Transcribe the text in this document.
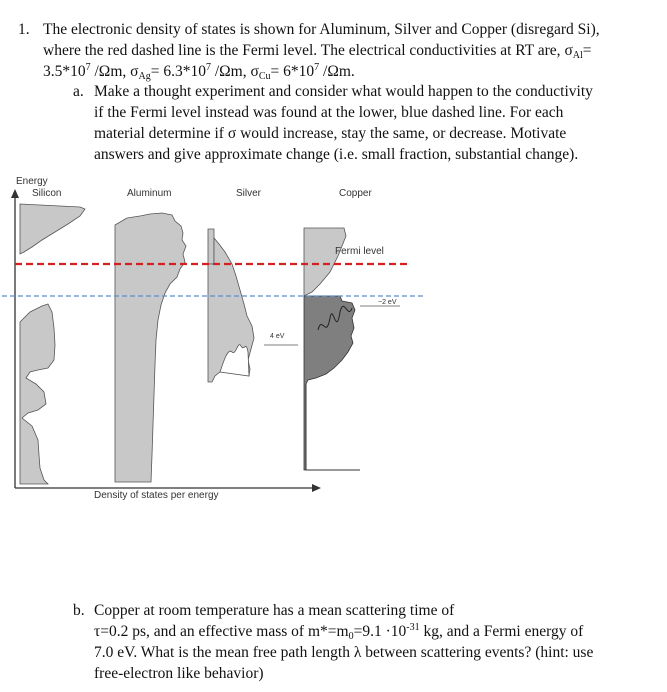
1. The electronic density of states is shown for Aluminum, Silver and Copper (disregard Si),
where the red dashed line is the Fermi level. The electrical conductivities at RT are, $\sigma_{Al}=$
$3.5*10^7$ /Ωm, $\sigma_{Ag}= 6.3*10^7$ /Ωm, $\sigma_{Cu}= 6*10^7$ /Ωm.
a. Make a thought experiment and consider what would happen to the conductivity
if the Fermi level instead was found at the lower, blue dashed line. For each
material determine if σ would increase, stay the same, or decrease. Motivate
answers and give approximate change (i.e. small fraction, substantial change).
Energy
Silicon	Aluminum	Silver	Copper
Fermi level
4 eV
~2 eV
Density of states per energy
b. Copper at room temperature has a mean scattering time of
τ=0.2 ps, and an effective mass of $m*=m_0=9.1 \cdot 10^{-31}$ kg, and a Fermi energy of
7.0 eV. What is the mean free path length λ between scattering events? (hint: use
free-electron like behavior)
